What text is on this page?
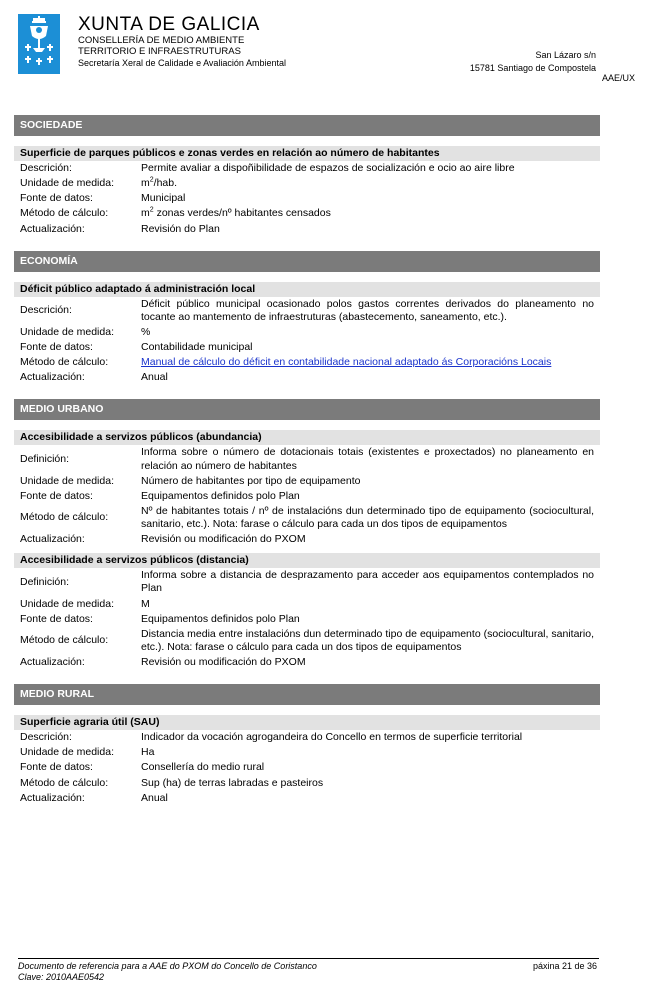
XUNTA DE GALICIA
CONSELLERÍA DE MEDIO AMBIENTE
TERRITORIO E INFRAESTRUTURAS
Secretaría Xeral de Calidade e Avaliación Ambiental
San Lázaro s/n
15781 Santiago de Compostela
AAE/UX
SOCIEDADE
Superficie de parques públicos e zonas verdes en relación ao número de habitantes
Descrición:	Permite avaliar a dispoñibilidade de espazos de socialización e ocio ao aire libre
Unidade de medida:	$m^2$/hab.
Fonte de datos:	Municipal
Método de cálculo:	$m^2$ zonas verdes/nº habitantes censados
Actualización:	Revisión do Plan
ECONOMÍA
Déficit público adaptado á administración local
Descrición:
Déficit público municipal ocasionado polos gastos correntes derivados do planeamento no tocante ao mantemento de infraestruturas (abastecemento, saneamento, etc.).
Unidade de medida:	%
Fonte de datos:	Contabilidade municipal
Método de cálculo:	Manual de cálculo do déficit en contabilidade nacional adaptado ás Corporacións Locais
Actualización:	Anual
MEDIO URBANO
Accesibilidade a servizos públicos (abundancia)
Definición:
Informa sobre o número de dotacionais totais (existentes e proxectados) no planeamento en relación ao número de habitantes
Unidade de medida:	Número de habitantes por tipo de equipamento
Fonte de datos:	Equipamentos definidos polo Plan
Método de cálculo:
Nº de habitantes totais / nº de instalacións dun determinado tipo de equipamento (sociocultural, sanitario, etc.). Nota: farase o cálculo para cada un dos tipos de equipamentos
Actualización:	Revisión ou modificación do PXOM
Accesibilidade a servizos públicos (distancia)
Definición:
Informa sobre a distancia de desprazamento para acceder aos equipamentos contemplados no Plan
Unidade de medida:	M
Fonte de datos:	Equipamentos definidos polo Plan
Método de cálculo:
Distancia media entre instalacións dun determinado tipo de equipamento (sociocultural, sanitario, etc.). Nota: farase o cálculo para cada un dos tipos de equipamentos
Actualización:	Revisión ou modificación do PXOM
MEDIO RURAL
Superficie agraria útil (SAU)
Descrición:	Indicador da vocación agrogandeira do Concello en termos de superficie territorial
Unidade de medida:	Ha
Fonte de datos:	Consellería do medio rural
Método de cálculo:	Sup (ha) de terras labradas e pasteiros
Actualización:	Anual
Documento de referencia para a AAE do PXOM do Concello de Coristanco
Clave: 2010AAE0542
páxina 21 de 36
